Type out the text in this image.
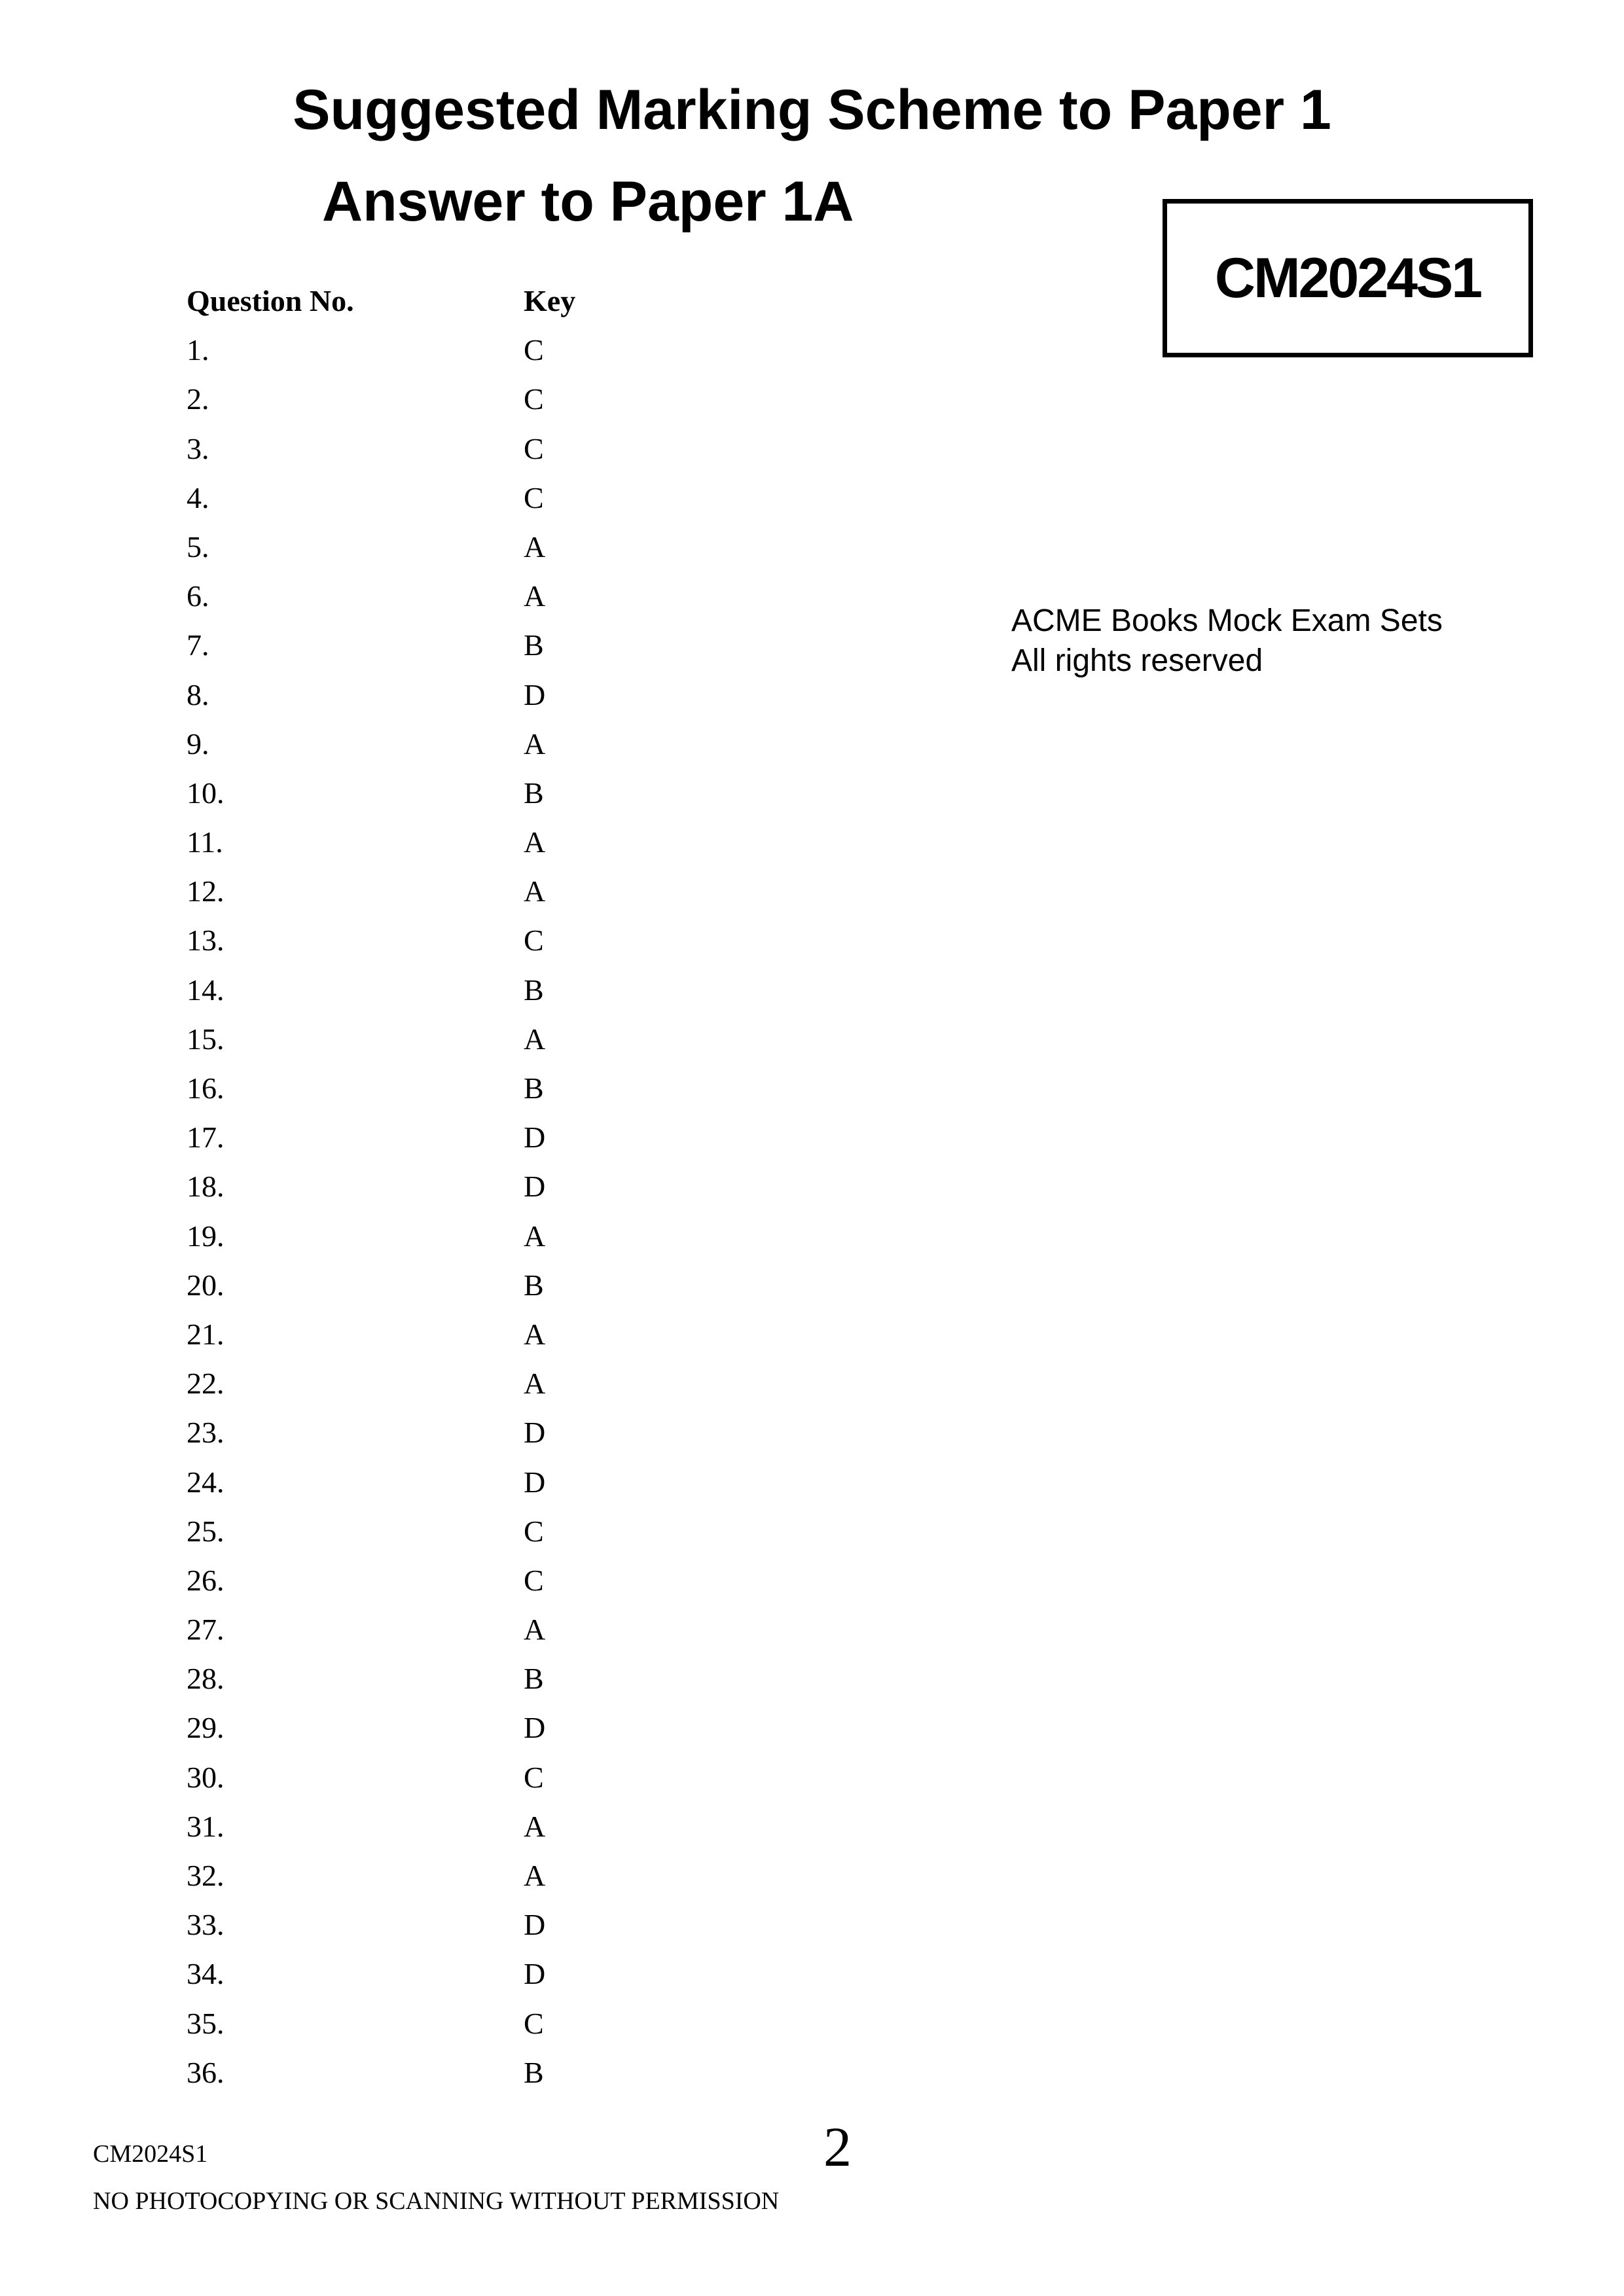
Suggested Marking Scheme to Paper 1
Answer to Paper 1A
CM2024S1
ACME Books Mock Exam Sets
All rights reserved
Question No.	Key
1.	C
2.	C
3.	C
4.	C
5.	A
6.	A
7.	B
8.	D
9.	A
10.	B
11.	A
12.	A
13.	C
14.	B
15.	A
16.	B
17.	D
18.	D
19.	A
20.	B
21.	A
22.	A
23.	D
24.	D
25.	C
26.	C
27.	A
28.	B
29.	D
30.	C
31.	A
32.	A
33.	D
34.	D
35.	C
36.	B
CM2024S1	2
NO PHOTOCOPYING OR SCANNING WITHOUT PERMISSION
